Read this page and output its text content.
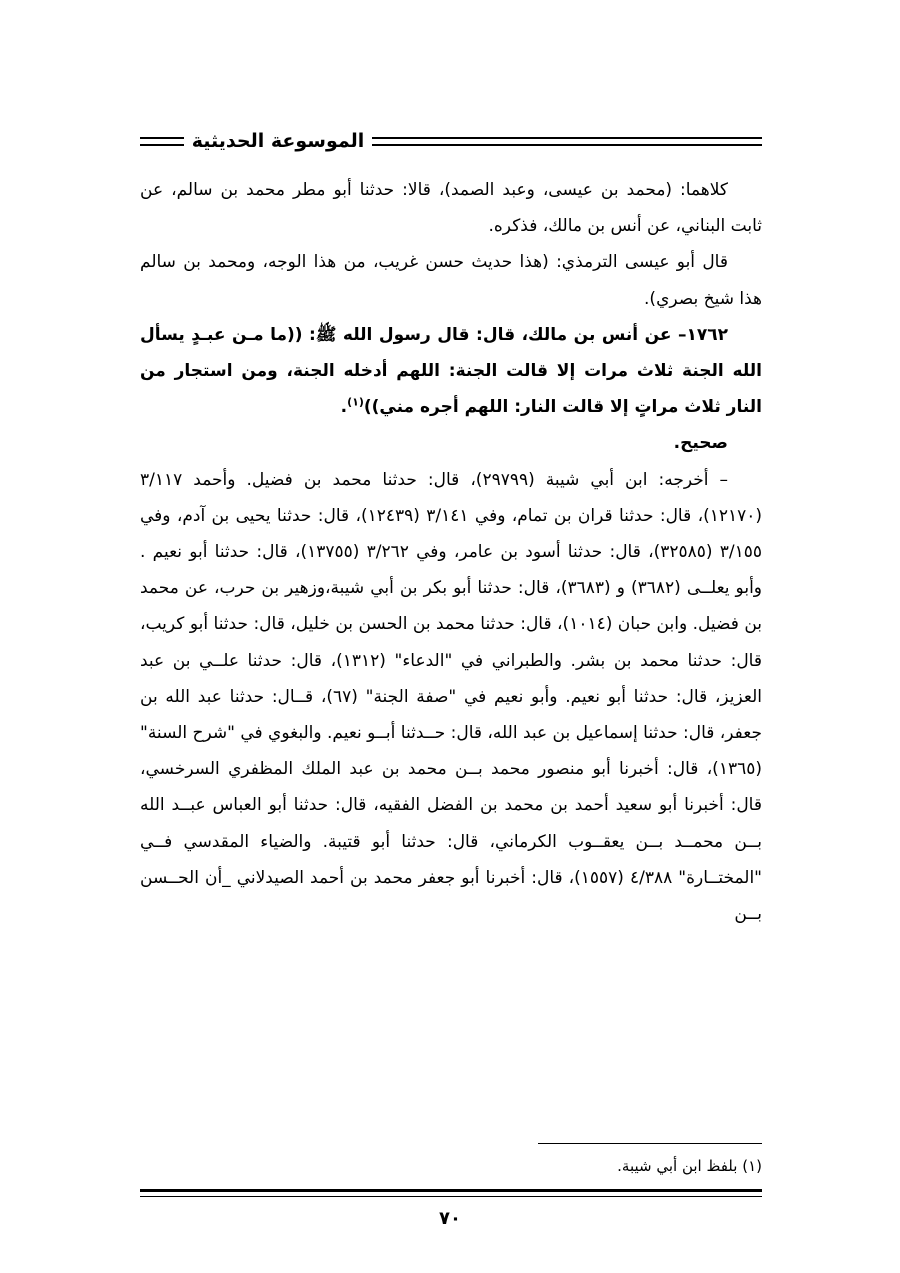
الموسوعة الحديثية

كلاهما: (محمد بن عيسى، وعبد الصمد)، قالا: حدثنا أبو مطر محمد بن سالم، عن ثابت البناني، عن أنس بن مالك، فذكره.

قال أبو عيسى الترمذي: (هذا حديث حسن غريب، من هذا الوجه، ومحمد بن سالم هذا شيخ بصري).

١٧٦٢– عن أنس بن مالك، قال: قال رسول الله ﷺ: ((ما مـن عبـدٍ يسأل الله الجنة ثلاث مرات إلا قالت الجنة: اللهم أدخله الجنة، ومن استجار من النار ثلاث مراتٍ إلا قالت النار: اللهم أجره مني))$^{(١)}$.

صحيح.

– أخرجه: ابن أبي شيبة (٢٩٧٩٩)، قال: حدثنا محمد بن فضيل. وأحمد ٣/١١٧ (١٢١٧٠)، قال: حدثنا قران بن تمام، وفي ٣/١٤١ (١٢٤٣٩)، قال: حدثنا يحيى بن آدم، وفي ٣/١٥٥ (٣٢٥٨٥)، قال: حدثنا أسود بن عامر، وفي ٣/٢٦٢ (١٣٧٥٥)، قال: حدثنا أبو نعيم . وأبو يعلــى (٣٦٨٢) و (٣٦٨٣)، قال: حدثنا أبو بكر بن أبي شيبة،وزهير بن حرب، عن محمد بن فضيل. وابن حبان (١٠١٤)، قال: حدثنا محمد بن الحسن بن خليل، قال: حدثنا أبو كريب، قال: حدثنا محمد بن بشر. والطبراني في "الدعاء" (١٣١٢)، قال: حدثنا علــي بن عبد العزيز، قال: حدثنا أبو نعيم. وأبو نعيم في "صفة الجنة" (٦٧)، قــال: حدثنا عبد الله بن جعفر، قال: حدثنا إسماعيل بن عبد الله، قال: حــدثنا أبــو نعيم. والبغوي في "شرح السنة" (١٣٦٥)، قال: أخبرنا أبو منصور محمد بــن محمد بن عبد الملك المظفري السرخسي، قال: أخبرنا أبو سعيد أحمد بن محمد بن الفضل الفقيه، قال: حدثنا أبو العباس عبــد الله بــن محمــد بــن يعقــوب الكرماني، قال: حدثنا أبو قتيبة. والضياء المقدسي فــي "المختــارة" ٤/٣٨٨ (١٥٥٧)، قال: أخبرنا أبو جعفر محمد بن أحمد الصيدلاني _أن الحــسن بــن

(١) بلفظ ابن أبي شيبة.
٧٠
